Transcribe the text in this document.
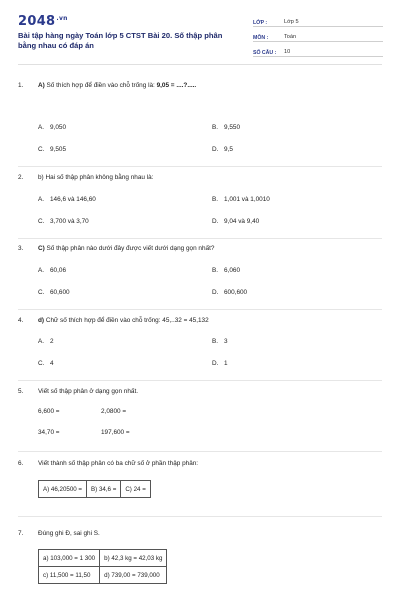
$2048^{.vn}$
Bài tập hàng ngày Toán lớp 5 CTST Bài 20. Số thập phân bằng nhau có đáp án
LỚP :	Lớp 5
MÔN :	Toán
SỐ CÂU :	10
1.	A) Số thích hợp để điền vào chỗ trống là: 9,05 = ....?.....
A. 9,050	B. 9,550
C. 9,505	D. 9,5
2.	b) Hai số thập phân không bằng nhau là:
A. 146,6 và 146,60	B. 1,001 và 1,0010
C. 3,700 và 3,70	D. 9,04 và 9,40
3.	C) Số thập phân nào dưới đây được viết dưới dạng gọn nhất?
A. 60,06	B. 6,060
C. 60,600	D. 600,600
4.	d) Chữ số thích hợp để điền vào chỗ trống: 45,..32 = 45,132
A. 2	B. 3
C. 4	D. 1
5.	Viết số thập phân ở dạng gọn nhất.
6,600 =	2,0800 =
34,70 =	197,600 =
6.	Viết thành số thập phân có ba chữ số ở phần thập phân:
A) 46,20500 =	B) 34,6 =	C) 24 =
7.	Đúng ghi Đ, sai ghi S.
a) 103,000 = 1 300	b) 42,3 kg = 42,03 kg
c) 11,500 = 11,50	d) 739,00 = 739,000
